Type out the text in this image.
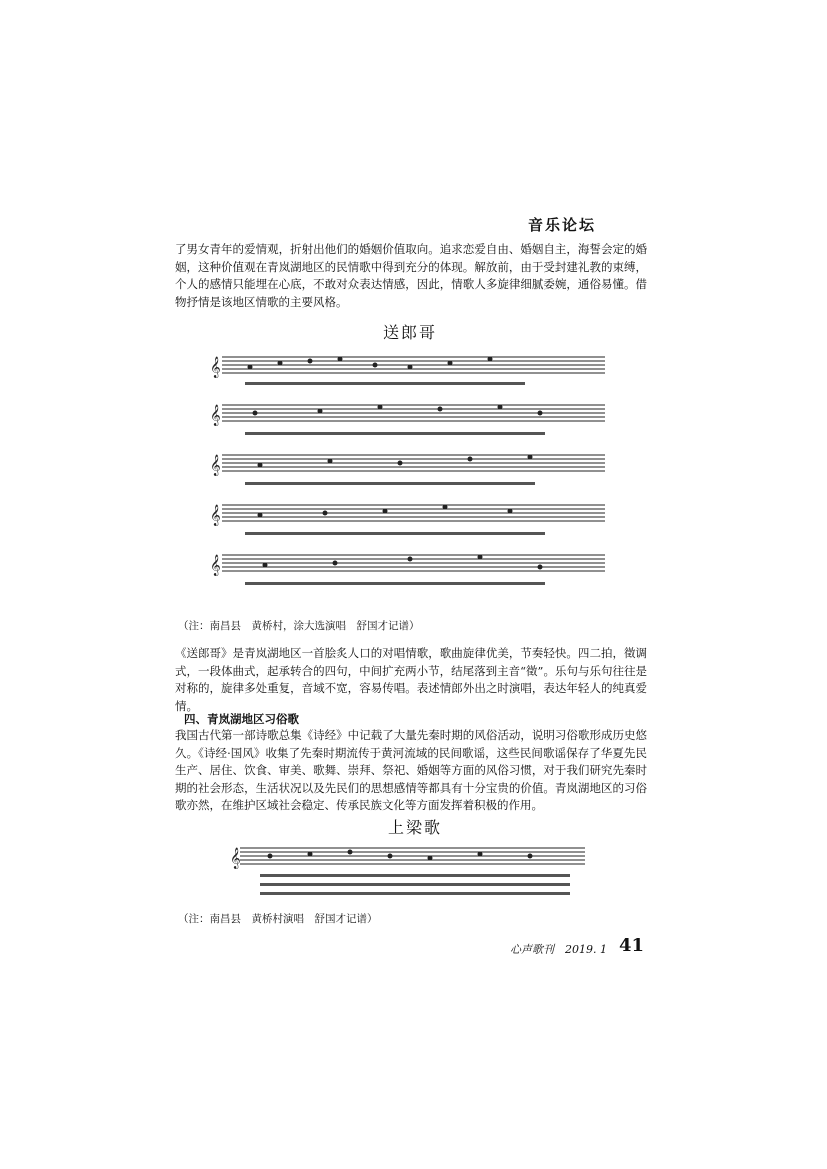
音乐论坛
了男女青年的爱情观，折射出他们的婚姻价值取向。追求恋爱自由、婚姻自主，海誓会定的婚姻，这种价值观在青岚湖地区的民情歌中得到充分的体现。解放前，由于受封建礼教的束缚，个人的感情只能埋在心底，不敢对众表达情感，因此，情歌人多旋律细腻委婉，通俗易懂。借物抒情是该地区情歌的主要风格。
送郎哥
𝄞
𝄞
𝄞
𝄞
𝄞
（注：南昌县　黄桥村，涂大选演唱　舒国才记谱）
《送郎哥》是青岚湖地区一首脍炙人口的对唱情歌，歌曲旋律优美，节奏轻快。四二拍，徵调式，一段体曲式，起承转合的四句，中间扩充两小节，结尾落到主音“徵”。乐句与乐句往往是对称的，旋律多处重复，音域不宽，容易传唱。表述情郎外出之时演唱，表达年轻人的纯真爱情。
四、青岚湖地区习俗歌
我国古代第一部诗歌总集《诗经》中记载了大量先秦时期的风俗活动，说明习俗歌形成历史悠久。《诗经·国风》收集了先秦时期流传于黄河流域的民间歌谣，这些民间歌谣保存了华夏先民生产、居住、饮食、审美、歌舞、崇拜、祭祀、婚姻等方面的风俗习惯，对于我们研究先秦时期的社会形态，生活状况以及先民们的思想感情等都具有十分宝贵的价值。青岚湖地区的习俗歌亦然，在维护区域社会稳定、传承民族文化等方面发挥着积极的作用。
上梁歌
𝄞
（注：南昌县　黄桥村演唱　舒国才记谱）
心声歌刊　2019. 1 41
